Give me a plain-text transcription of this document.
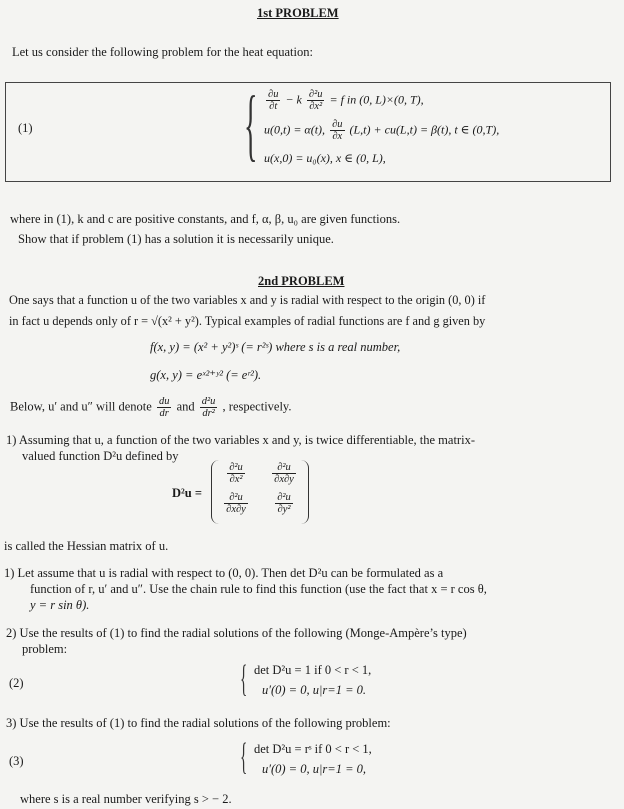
1st PROBLEM
Let us consider the following problem for the heat equation:
(1)	{ $\frac{\partial u}{\partial t} - k \frac{\text{∂²u}}{\text{∂x²}} = f$ in (0, L)×(0, T),
u(0,t) = α(t), $\frac{\partial u}{\partial x} (L,t) + cu(L,t) = \beta(t)$, t ∈ (0,T),
u(x,0) = u₀(x), x ∈ (0, L),
where in (1), k and c are positive constants, and f, α, β, u₀ are given functions.
Show that if problem (1) has a solution it is necessarily unique.
2nd PROBLEM
One says that a function u of the two variables x and y is radial with respect to the origin (0, 0) if
in fact u depends only of r = √(x² + y²). Typical examples of radial functions are f and g given by
f(x, y) = (x² + y²)ˢ (= r²ˢ) where s is a real number,
g(x, y) = eˣ²⁺ʸ² (= eʳ²).
Below, u′ and u″ will denote $\frac{du}{dr}$ and $\frac{\text{d²u}}{\text{dr²}}$ , respectively.
1) Assuming that u, a function of the two variables x and y, is twice differentiable, the matrix-
valued function D²u defined by
D²u =
$\frac{\text{∂²u}}{\text{∂x²}}$	$\frac{\text{∂²u}}{\partial x\partial y}$
$\frac{\text{∂²u}}{\partial x\partial y}$	$\frac{\text{∂²u}}{\text{∂y²}}$
is called the Hessian matrix of u.
1) Let assume that u is radial with respect to (0, 0). Then det D²u can be formulated as a
function of r, u′ and u″. Use the chain rule to find this function (use the fact that x = r cos θ,
y = r sin θ).
2) Use the results of (1) to find the radial solutions of the following (Monge-Ampère’s type)
problem:
(2)	{ det D²u = 1 if 0 < r < 1,
u′(0) = 0, u|r=1 = 0.
3) Use the results of (1) to find the radial solutions of the following problem:
(3)	{ det D²u = rˢ if 0 < r < 1,
u′(0) = 0, u|r=1 = 0,
where s is a real number verifying s > − 2.
